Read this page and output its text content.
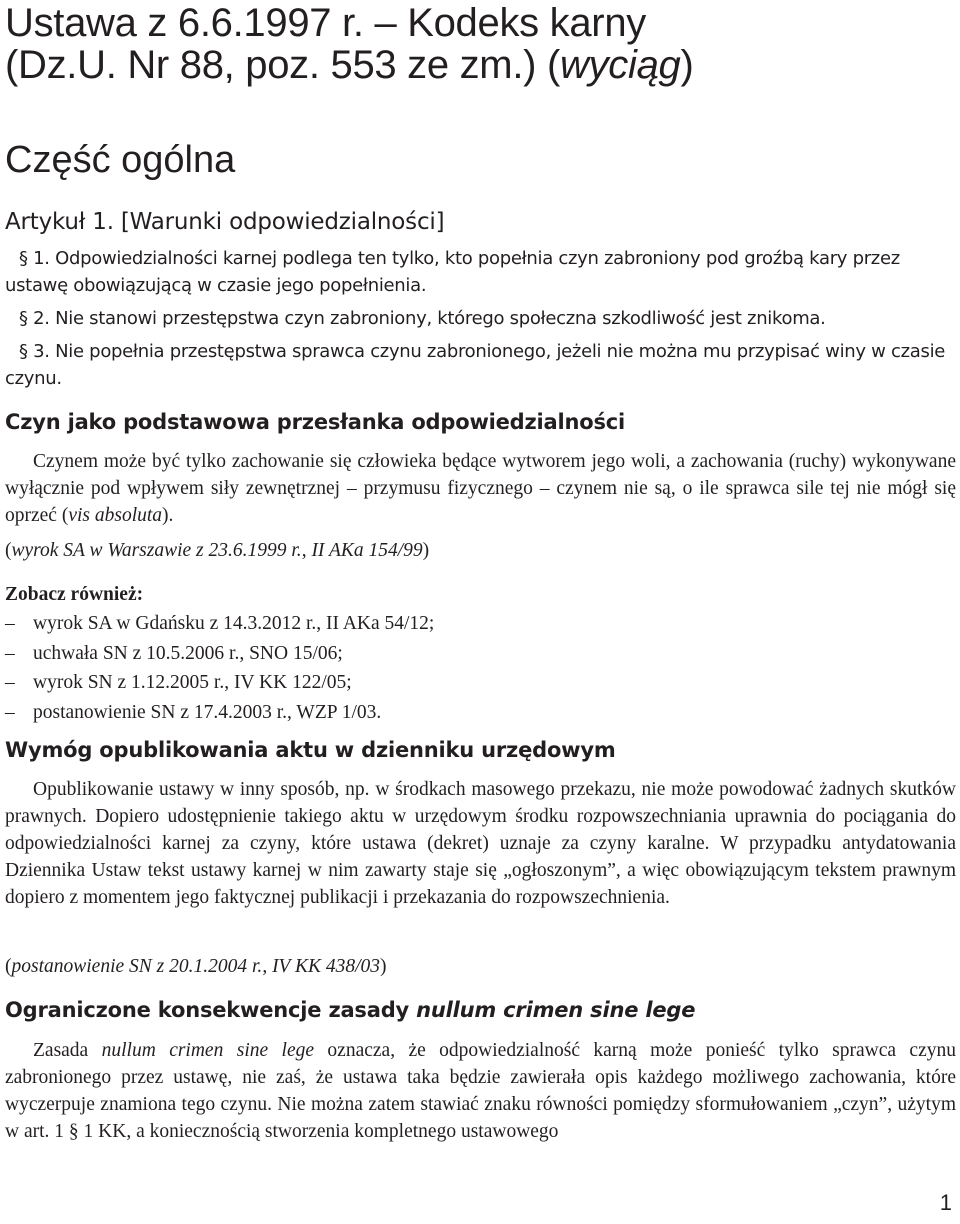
Ustawa z 6.6.1997 r. – Kodeks karny
(Dz.U. Nr 88, poz. 553 ze zm.) (wyciąg)
Część ogólna
Artykuł 1. [Warunki odpowiedzialności]

§ 1. Odpowiedzialności karnej podlega ten tylko, kto popełnia czyn zabroniony pod groźbą kary przez ustawę obowiązującą w czasie jego popełnienia.

§ 2. Nie stanowi przestępstwa czyn zabroniony, którego społeczna szkodliwość jest znikoma.

§ 3. Nie popełnia przestępstwa sprawca czynu zabronionego, jeżeli nie można mu przypisać winy w czasie czynu.

Czyn jako podstawowa przesłanka odpowiedzialności

Czynem może być tylko zachowanie się człowieka będące wytworem jego woli, a zachowania (ruchy) wykonywane wyłącznie pod wpływem siły zewnętrznej – przymusu fizycznego – czynem nie są, o ile sprawca sile tej nie mógł się oprzeć (vis absoluta).

(wyrok SA w Warszawie z 23.6.1999 r., II AKa 154/99)

Zobacz również:

– wyrok SA w Gdańsku z 14.3.2012 r., II AKa 54/12;
– uchwała SN z 10.5.2006 r., SNO 15/06;
– wyrok SN z 1.12.2005 r., IV KK 122/05;
– postanowienie SN z 17.4.2003 r., WZP 1/03.
Wymóg opublikowania aktu w dzienniku urzędowym

Opublikowanie ustawy w inny sposób, np. w środkach masowego przekazu, nie może powodować żadnych skutków prawnych. Dopiero udostępnienie takiego aktu w urzędowym środku rozpowszechniania uprawnia do pociągania do odpowiedzialności karnej za czyny, które ustawa (dekret) uznaje za czyny karalne. W przypadku antydatowania Dziennika Ustaw tekst ustawy karnej w nim zawarty staje się „ogłoszonym”, a więc obowiązującym tekstem prawnym dopiero z momentem jego faktycznej publikacji i przekazania do rozpowszechnienia.

(postanowienie SN z 20.1.2004 r., IV KK 438/03)

Ograniczone konsekwencje zasady nullum crimen sine lege

Zasada nullum crimen sine lege oznacza, że odpowiedzialność karną może ponieść tylko sprawca czynu zabronionego przez ustawę, nie zaś, że ustawa taka będzie zawierała opis każdego możliwego zachowania, które wyczerpuje znamiona tego czynu. Nie można zatem stawiać znaku równości pomiędzy sformułowaniem „czyn”, użytym w art. 1 § 1 KK, a koniecznością stworzenia kompletnego ustawowego

1
